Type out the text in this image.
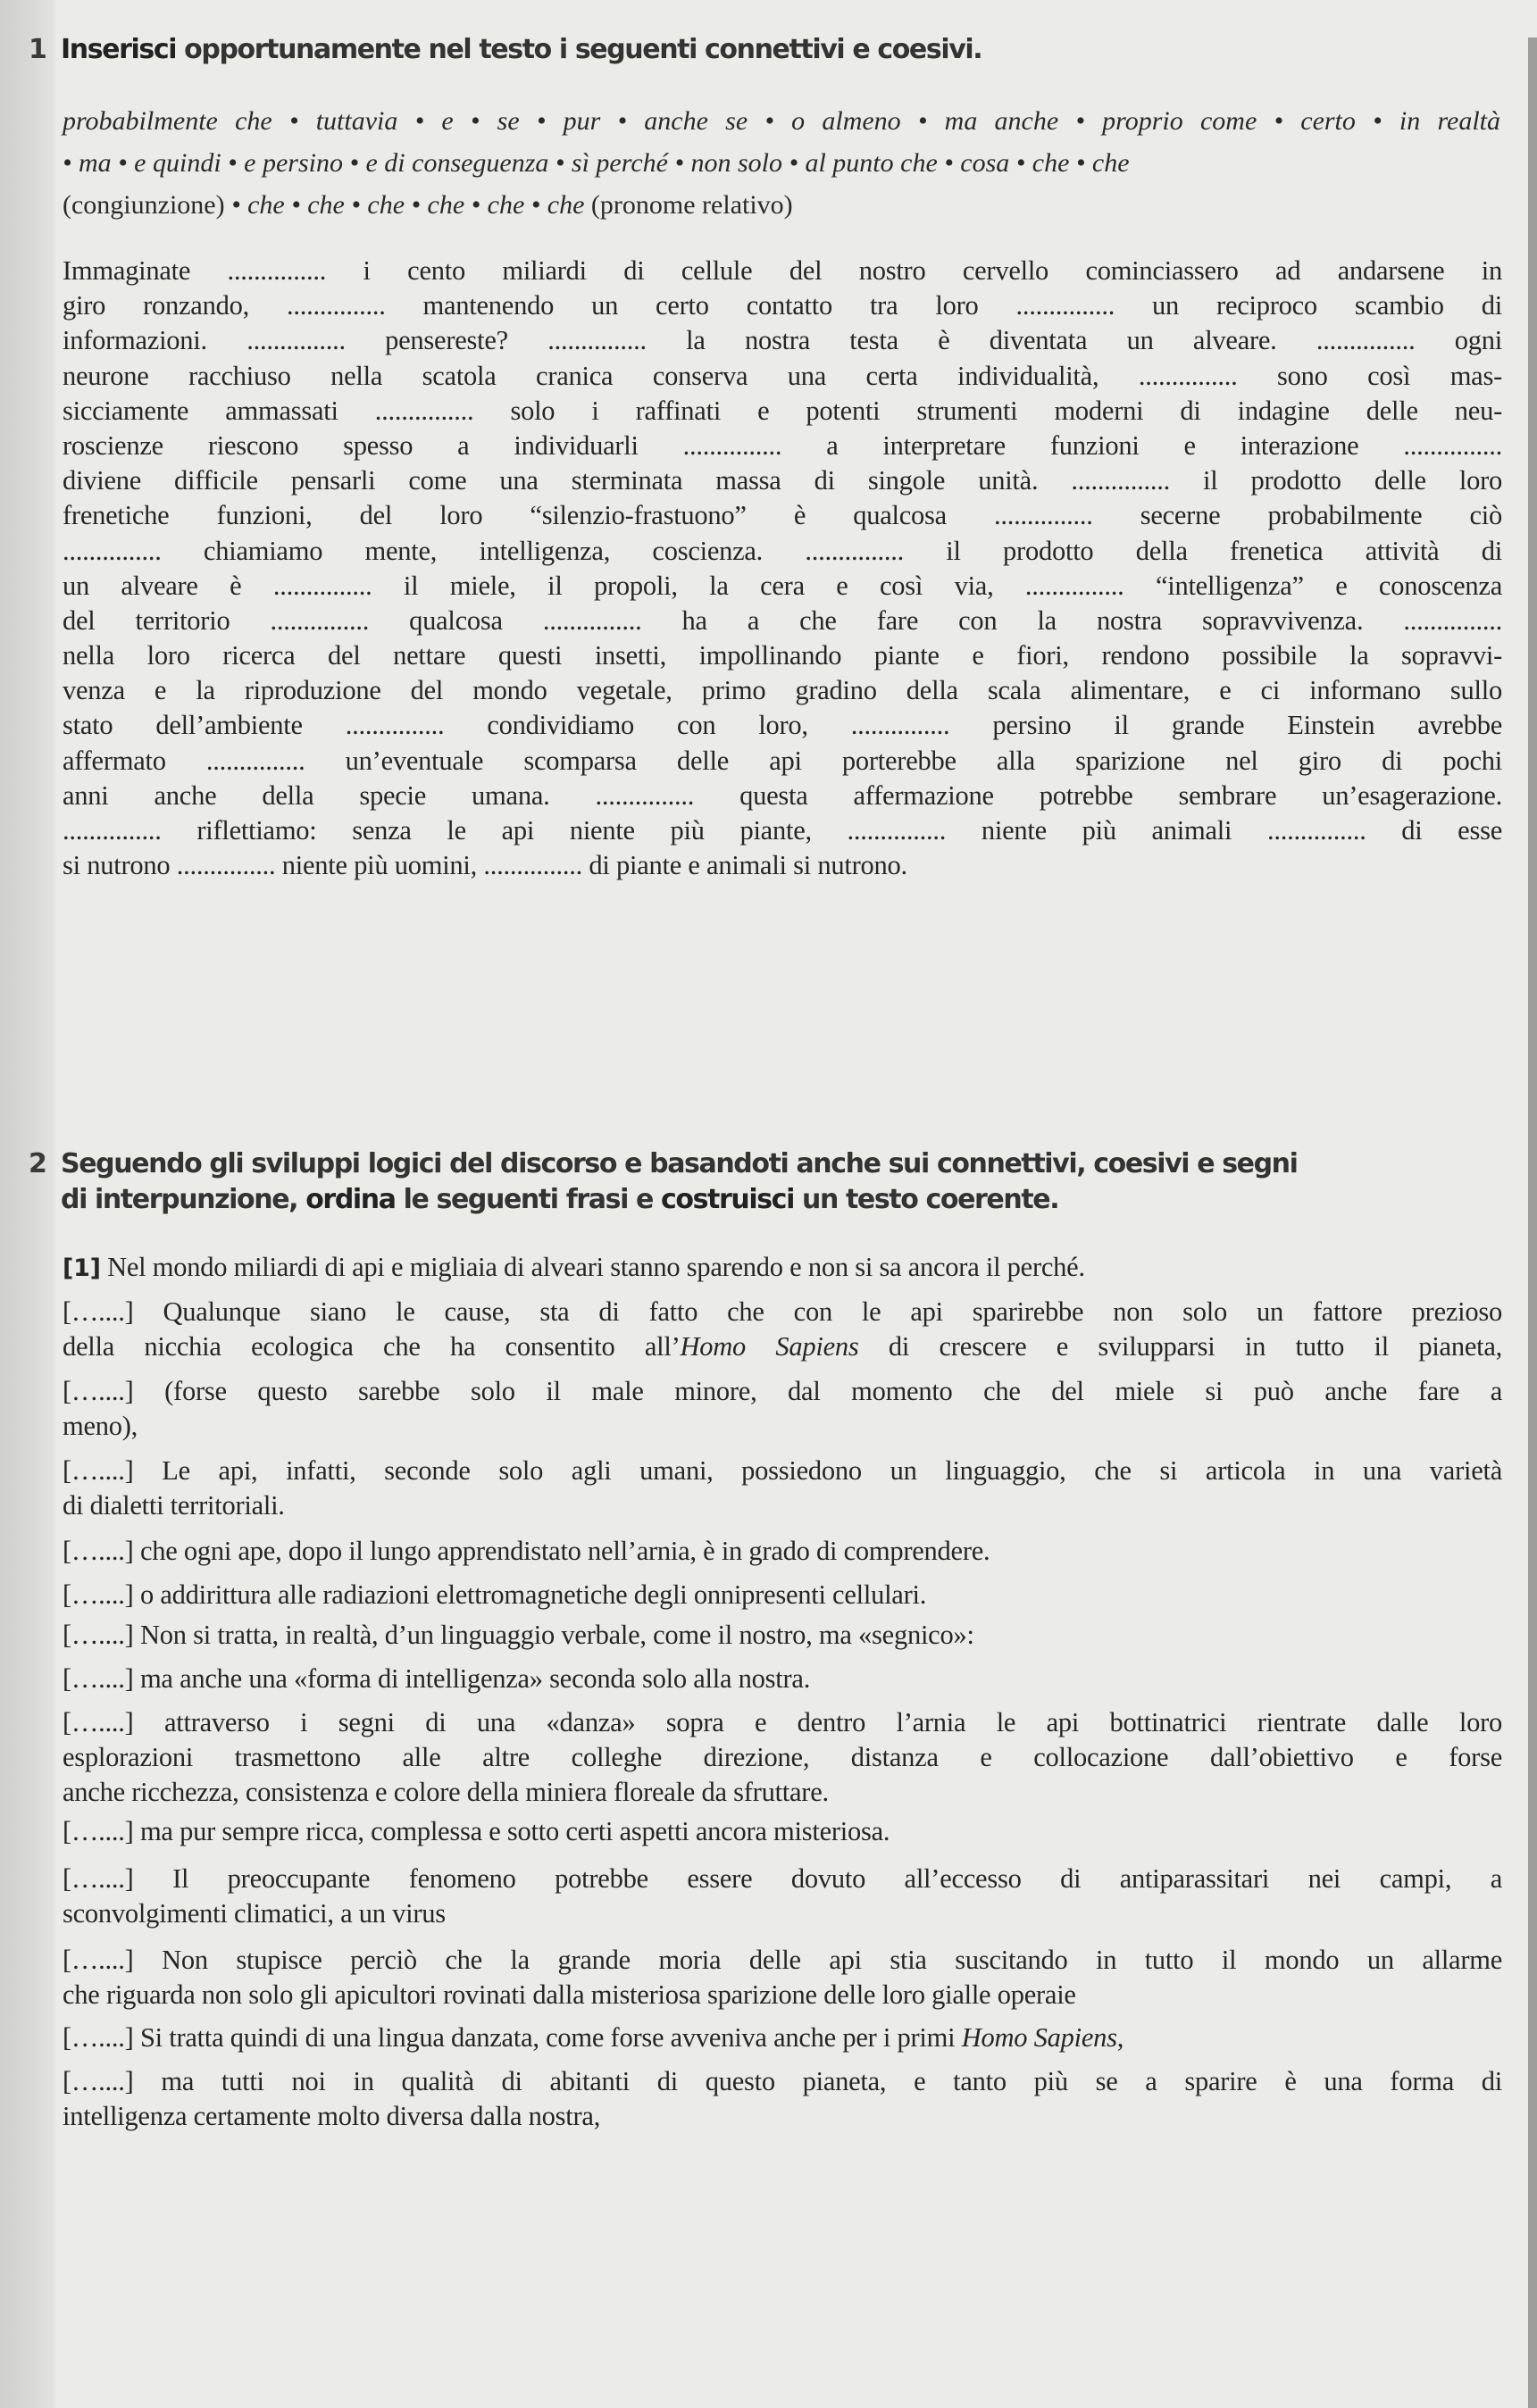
1 Inserisci opportunamente nel testo i seguenti connettivi e coesivi.
probabilmente che • tuttavia • e • se • pur • anche se • o almeno • ma anche • proprio come • certo • in realtà
• ma • e quindi • e persino • e di conseguenza • sì perché • non solo • al punto che • cosa • che • che
(congiunzione) • che • che • che • che • che • che (pronome relativo)
Immaginate ............... i cento miliardi di cellule del nostro cervello cominciassero ad andarsene in
giro ronzando, ............... mantenendo un certo contatto tra loro ............... un reciproco scambio di
informazioni. ............... pensereste? ............... la nostra testa è diventata un alveare. ............... ogni
neurone racchiuso nella scatola cranica conserva una certa individualità, ............... sono così mas-
sicciamente ammassati ............... solo i raffinati e potenti strumenti moderni di indagine delle neu-
roscienze riescono spesso a individuarli ............... a interpretare funzioni e interazione ...............
diviene difficile pensarli come una sterminata massa di singole unità. ............... il prodotto delle loro
frenetiche funzioni, del loro “silenzio-frastuono” è qualcosa ............... secerne probabilmente ciò
............... chiamiamo mente, intelligenza, coscienza. ............... il prodotto della frenetica attività di
un alveare è ............... il miele, il propoli, la cera e così via, ............... “intelligenza” e conoscenza
del territorio ............... qualcosa ............... ha a che fare con la nostra sopravvivenza. ...............
nella loro ricerca del nettare questi insetti, impollinando piante e fiori, rendono possibile la sopravvi-
venza e la riproduzione del mondo vegetale, primo gradino della scala alimentare, e ci informano sullo
stato dell’ambiente ............... condividiamo con loro, ............... persino il grande Einstein avrebbe
affermato ............... un’eventuale scomparsa delle api porterebbe alla sparizione nel giro di pochi
anni anche della specie umana. ............... questa affermazione potrebbe sembrare un’esagerazione.
............... riflettiamo: senza le api niente più piante, ............... niente più animali ............... di esse
si nutrono ............... niente più uomini, ............... di piante e animali si nutrono.
2 Seguendo gli sviluppi logici del discorso e basandoti anche sui connettivi, coesivi e segni
di interpunzione, ordina le seguenti frasi e costruisci un testo coerente.
[1] Nel mondo miliardi di api e migliaia di alveari stanno sparendo e non si sa ancora il perché.
[…....] Qualunque siano le cause, sta di fatto che con le api sparirebbe non solo un fattore prezioso
della nicchia ecologica che ha consentito all’Homo Sapiens di crescere e svilupparsi in tutto il pianeta,
[…....] (forse questo sarebbe solo il male minore, dal momento che del miele si può anche fare a
meno),
[…....] Le api, infatti, seconde solo agli umani, possiedono un linguaggio, che si articola in una varietà
di dialetti territoriali.
[…....] che ogni ape, dopo il lungo apprendistato nell’arnia, è in grado di comprendere.
[…....] o addirittura alle radiazioni elettromagnetiche degli onnipresenti cellulari.
[…....] Non si tratta, in realtà, d’un linguaggio verbale, come il nostro, ma «segnico»:
[…....] ma anche una «forma di intelligenza» seconda solo alla nostra.
[…....] attraverso i segni di una «danza» sopra e dentro l’arnia le api bottinatrici rientrate dalle loro
esplorazioni trasmettono alle altre colleghe direzione, distanza e collocazione dall’obiettivo e forse
anche ricchezza, consistenza e colore della miniera floreale da sfruttare.
[…....] ma pur sempre ricca, complessa e sotto certi aspetti ancora misteriosa.
[…....] Il preoccupante fenomeno potrebbe essere dovuto all’eccesso di antiparassitari nei campi, a
sconvolgimenti climatici, a un virus
[…....] Non stupisce perciò che la grande moria delle api stia suscitando in tutto il mondo un allarme
che riguarda non solo gli apicultori rovinati dalla misteriosa sparizione delle loro gialle operaie
[…....] Si tratta quindi di una lingua danzata, come forse avveniva anche per i primi Homo Sapiens,
[…....] ma tutti noi in qualità di abitanti di questo pianeta, e tanto più se a sparire è una forma di
intelligenza certamente molto diversa dalla nostra,
